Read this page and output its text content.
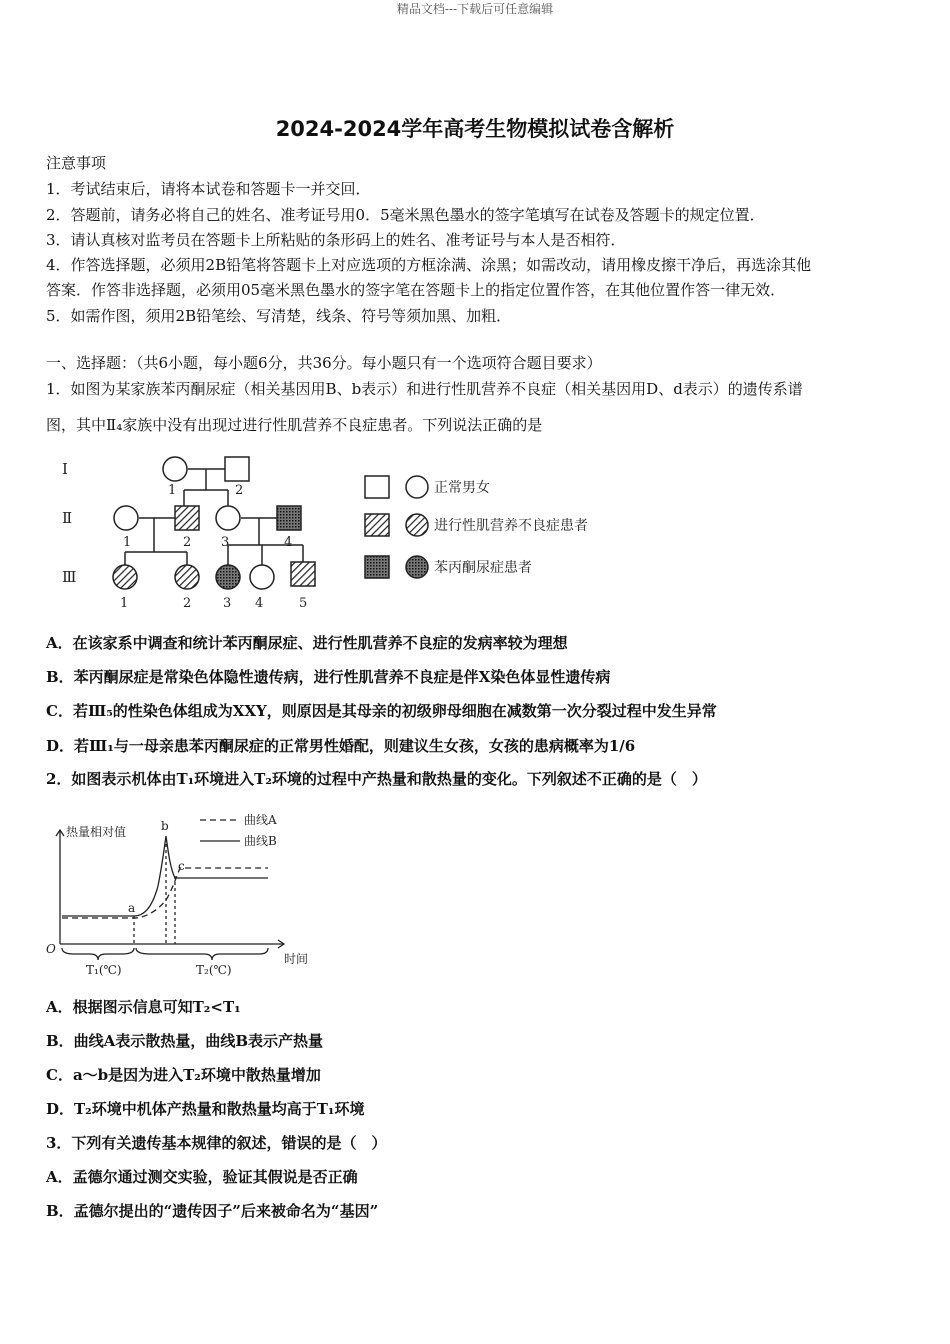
精品文档---下载后可任意编辑
2024-2024学年高考生物模拟试卷含解析
注意事项
1．考试结束后，请将本试卷和答题卡一并交回．
2．答题前，请务必将自己的姓名、准考证号用0．5毫米黑色墨水的签字笔填写在试卷及答题卡的规定位置．
3．请认真核对监考员在答题卡上所粘贴的条形码上的姓名、准考证号与本人是否相符．
4．作答选择题，必须用2B铅笔将答题卡上对应选项的方框涂满、涂黑；如需改动，请用橡皮擦干净后，再选涂其他
答案．作答非选择题，必须用05毫米黑色墨水的签字笔在答题卡上的指定位置作答，在其他位置作答一律无效．
5．如需作图，须用2B铅笔绘、写清楚，线条、符号等须加黑、加粗．
一、选择题：（共6小题，每小题6分，共36分。每小题只有一个选项符合题目要求）
1．如图为某家族苯丙酮尿症（相关基因用B、b表示）和进行性肌营养不良症（相关基因用D、d表示）的遗传系谱
图，其中Ⅱ₄家族中没有出现过进行性肌营养不良症患者。下列说法正确的是
Ⅰ
Ⅱ
Ⅲ
1	2
1	2 3	4
1	2 3 4	5
正常男女
进行性肌营养不良症患者
苯丙酮尿症患者
A．在该家系中调查和统计苯丙酮尿症、进行性肌营养不良症的发病率较为理想
B．苯丙酮尿症是常染色体隐性遗传病，进行性肌营养不良症是伴X染色体显性遗传病
C．若Ⅲ₅的性染色体组成为XXY，则原因是其母亲的初级卵母细胞在减数第一次分裂过程中发生异常
D．若Ⅲ₁与一母亲患苯丙酮尿症的正常男性婚配，则建议生女孩，女孩的患病概率为1/6
2．如图表示机体由T₁环境进入T₂环境的过程中产热量和散热量的变化。下列叙述不正确的是（　）
热量相对值
时间
O
曲线A
曲线B
a
b
c
T₁(℃)	T₂(℃)
A．根据图示信息可知T₂<T₁
B．曲线A表示散热量，曲线B表示产热量
C．a～b是因为进入T₂环境中散热量增加
D．T₂环境中机体产热量和散热量均高于T₁环境
3．下列有关遗传基本规律的叙述，错误的是（　）
A．孟德尔通过测交实验，验证其假说是否正确
B．孟德尔提出的“遗传因子”后来被命名为“基因”
